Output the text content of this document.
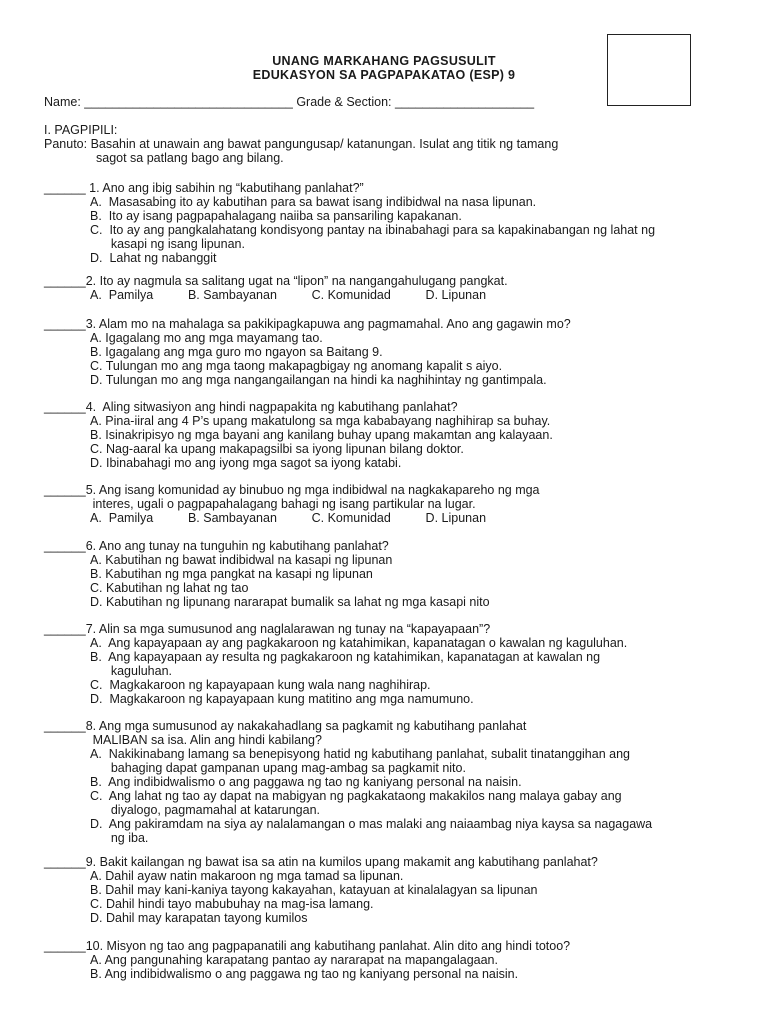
UNANG MARKAHANG PAGSUSULIT
EDUKASYON SA PAGPAPAKATAO (ESP) 9
Name: ______________________________ Grade & Section: ____________________
I. PAGPIPILI:
Panuto: Basahin at unawain ang bawat pangungusap/ katanungan. Isulat ang titik ng tamang
sagot sa patlang bago ang bilang.
______ 1. Ano ang ibig sabihin ng “kabutihang panlahat?”
A.  Masasabing ito ay kabutihan para sa bawat isang indibidwal na nasa lipunan.
B.  Ito ay isang pagpapahalagang naiiba sa pansariling kapakanan.
C.  Ito ay ang pangkalahatang kondisyong pantay na ibinabahagi para sa kapakinabangan ng lahat ng
kasapi ng isang lipunan.
D.  Lahat ng nabanggit
______2. Ito ay nagmula sa salitang ugat na “lipon” na nangangahulugang pangkat.
A.  Pamilya          B. Sambayanan          C. Komunidad          D. Lipunan
______3. Alam mo na mahalaga sa pakikipagkapuwa ang pagmamahal. Ano ang gagawin mo?
A. Igagalang mo ang mga mayamang tao.
B. Igagalang ang mga guro mo ngayon sa Baitang 9.
C. Tulungan mo ang mga taong makapagbigay ng anomang kapalit s aiyo.
D. Tulungan mo ang mga nangangailangan na hindi ka naghihintay ng gantimpala.
______4.  Aling sitwasiyon ang hindi nagpapakita ng kabutihang panlahat?
A. Pina-iiral ang 4 P’s upang makatulong sa mga kababayang naghihirap sa buhay.
B. Isinakripisyo ng mga bayani ang kanilang buhay upang makamtan ang kalayaan.
C. Nag-aaral ka upang makapagsilbi sa iyong lipunan bilang doktor.
D. Ibinabahagi mo ang iyong mga sagot sa iyong katabi.
______5. Ang isang komunidad ay binubuo ng mga indibidwal na nagkakapareho ng mga
interes, ugali o pagpapahalagang bahagi ng isang partikular na lugar.
A.  Pamilya          B. Sambayanan          C. Komunidad          D. Lipunan
______6. Ano ang tunay na tunguhin ng kabutihang panlahat?
A. Kabutihan ng bawat indibidwal na kasapi ng lipunan
B. Kabutihan ng mga pangkat na kasapi ng lipunan
C. Kabutihan ng lahat ng tao
D. Kabutihan ng lipunang nararapat bumalik sa lahat ng mga kasapi nito
______7. Alin sa mga sumusunod ang naglalarawan ng tunay na “kapayapaan”?
A.  Ang kapayapaan ay ang pagkakaroon ng katahimikan, kapanatagan o kawalan ng kaguluhan.
B.  Ang kapayapaan ay resulta ng pagkakaroon ng katahimikan, kapanatagan at kawalan ng
kaguluhan.
C.  Magkakaroon ng kapayapaan kung wala nang naghihirap.
D.  Magkakaroon ng kapayapaan kung matitino ang mga namumuno.
______8. Ang mga sumusunod ay nakakahadlang sa pagkamit ng kabutihang panlahat
MALIBAN sa isa. Alin ang hindi kabilang?
A.  Nakikinabang lamang sa benepisyong hatid ng kabutihang panlahat, subalit tinatanggihan ang
bahaging dapat gampanan upang mag-ambag sa pagkamit nito.
B.  Ang indibidwalismo o ang paggawa ng tao ng kaniyang personal na naisin.
C.  Ang lahat ng tao ay dapat na mabigyan ng pagkakataong makakilos nang malaya gabay ang
diyalogo, pagmamahal at katarungan.
D.  Ang pakiramdam na siya ay nalalamangan o mas malaki ang naiaambag niya kaysa sa nagagawa
ng iba.
______9. Bakit kailangan ng bawat isa sa atin na kumilos upang makamit ang kabutihang panlahat?
A. Dahil ayaw natin makaroon ng mga tamad sa lipunan.
B. Dahil may kani-kaniya tayong kakayahan, katayuan at kinalalagyan sa lipunan
C. Dahil hindi tayo mabubuhay na mag-isa lamang.
D. Dahil may karapatan tayong kumilos
______10. Misyon ng tao ang pagpapanatili ang kabutihang panlahat. Alin dito ang hindi totoo?
A. Ang pangunahing karapatang pantao ay nararapat na mapangalagaan.
B. Ang indibidwalismo o ang paggawa ng tao ng kaniyang personal na naisin.
